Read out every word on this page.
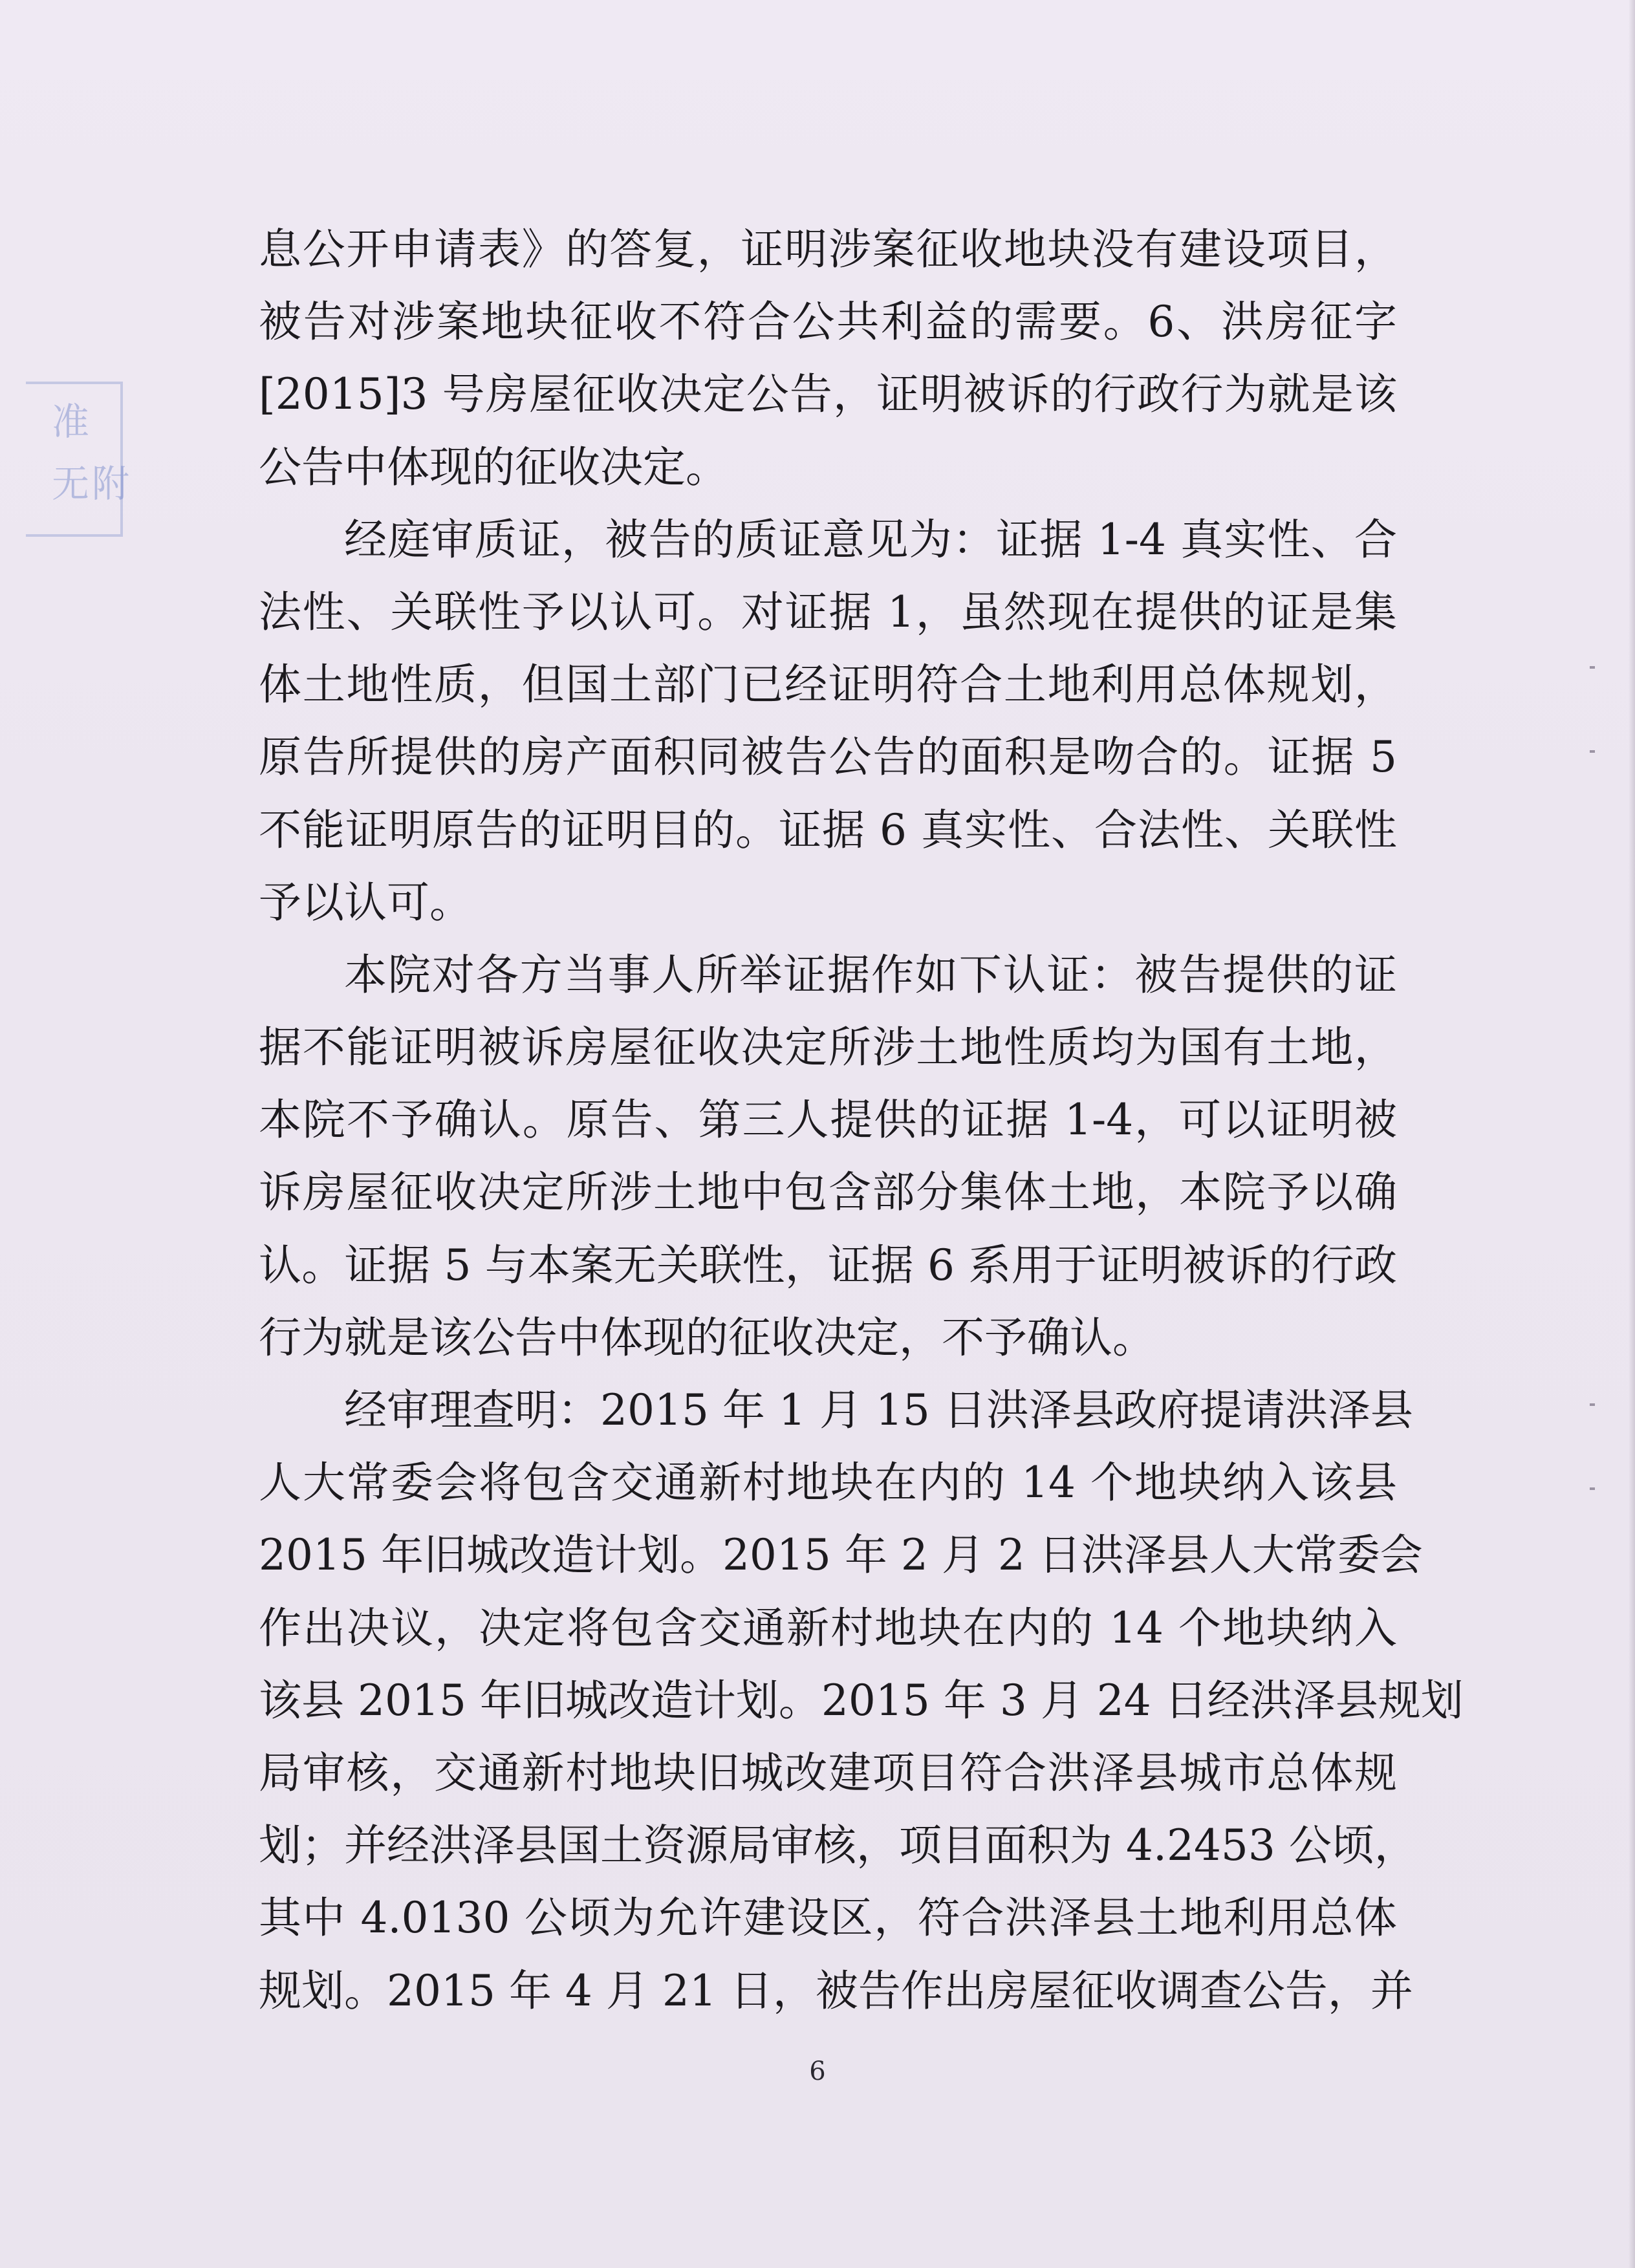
准
无附
息公开申请表》的答复，证明涉案征收地块没有建设项目，
被告对涉案地块征收不符合公共利益的需要。6、洪房征字
[2015]3 号房屋征收决定公告，证明被诉的行政行为就是该
公告中体现的征收决定。
经庭审质证，被告的质证意见为：证据 1-4 真实性、合
法性、关联性予以认可。对证据 1，虽然现在提供的证是集
体土地性质，但国土部门已经证明符合土地利用总体规划，
原告所提供的房产面积同被告公告的面积是吻合的。证据 5
不能证明原告的证明目的。证据 6 真实性、合法性、关联性
予以认可。
本院对各方当事人所举证据作如下认证：被告提供的证
据不能证明被诉房屋征收决定所涉土地性质均为国有土地，
本院不予确认。原告、第三人提供的证据 1-4，可以证明被
诉房屋征收决定所涉土地中包含部分集体土地，本院予以确
认。证据 5 与本案无关联性，证据 6 系用于证明被诉的行政
行为就是该公告中体现的征收决定，不予确认。
经审理查明：2015 年 1 月 15 日洪泽县政府提请洪泽县
人大常委会将包含交通新村地块在内的 14 个地块纳入该县
2015 年旧城改造计划。2015 年 2 月 2 日洪泽县人大常委会
作出决议，决定将包含交通新村地块在内的 14 个地块纳入
该县 2015 年旧城改造计划。2015 年 3 月 24 日经洪泽县规划
局审核，交通新村地块旧城改建项目符合洪泽县城市总体规
划；并经洪泽县国土资源局审核，项目面积为 4.2453 公顷，
其中 4.0130 公顷为允许建设区，符合洪泽县土地利用总体
规划。2015 年 4 月 21 日，被告作出房屋征收调查公告，并
6
